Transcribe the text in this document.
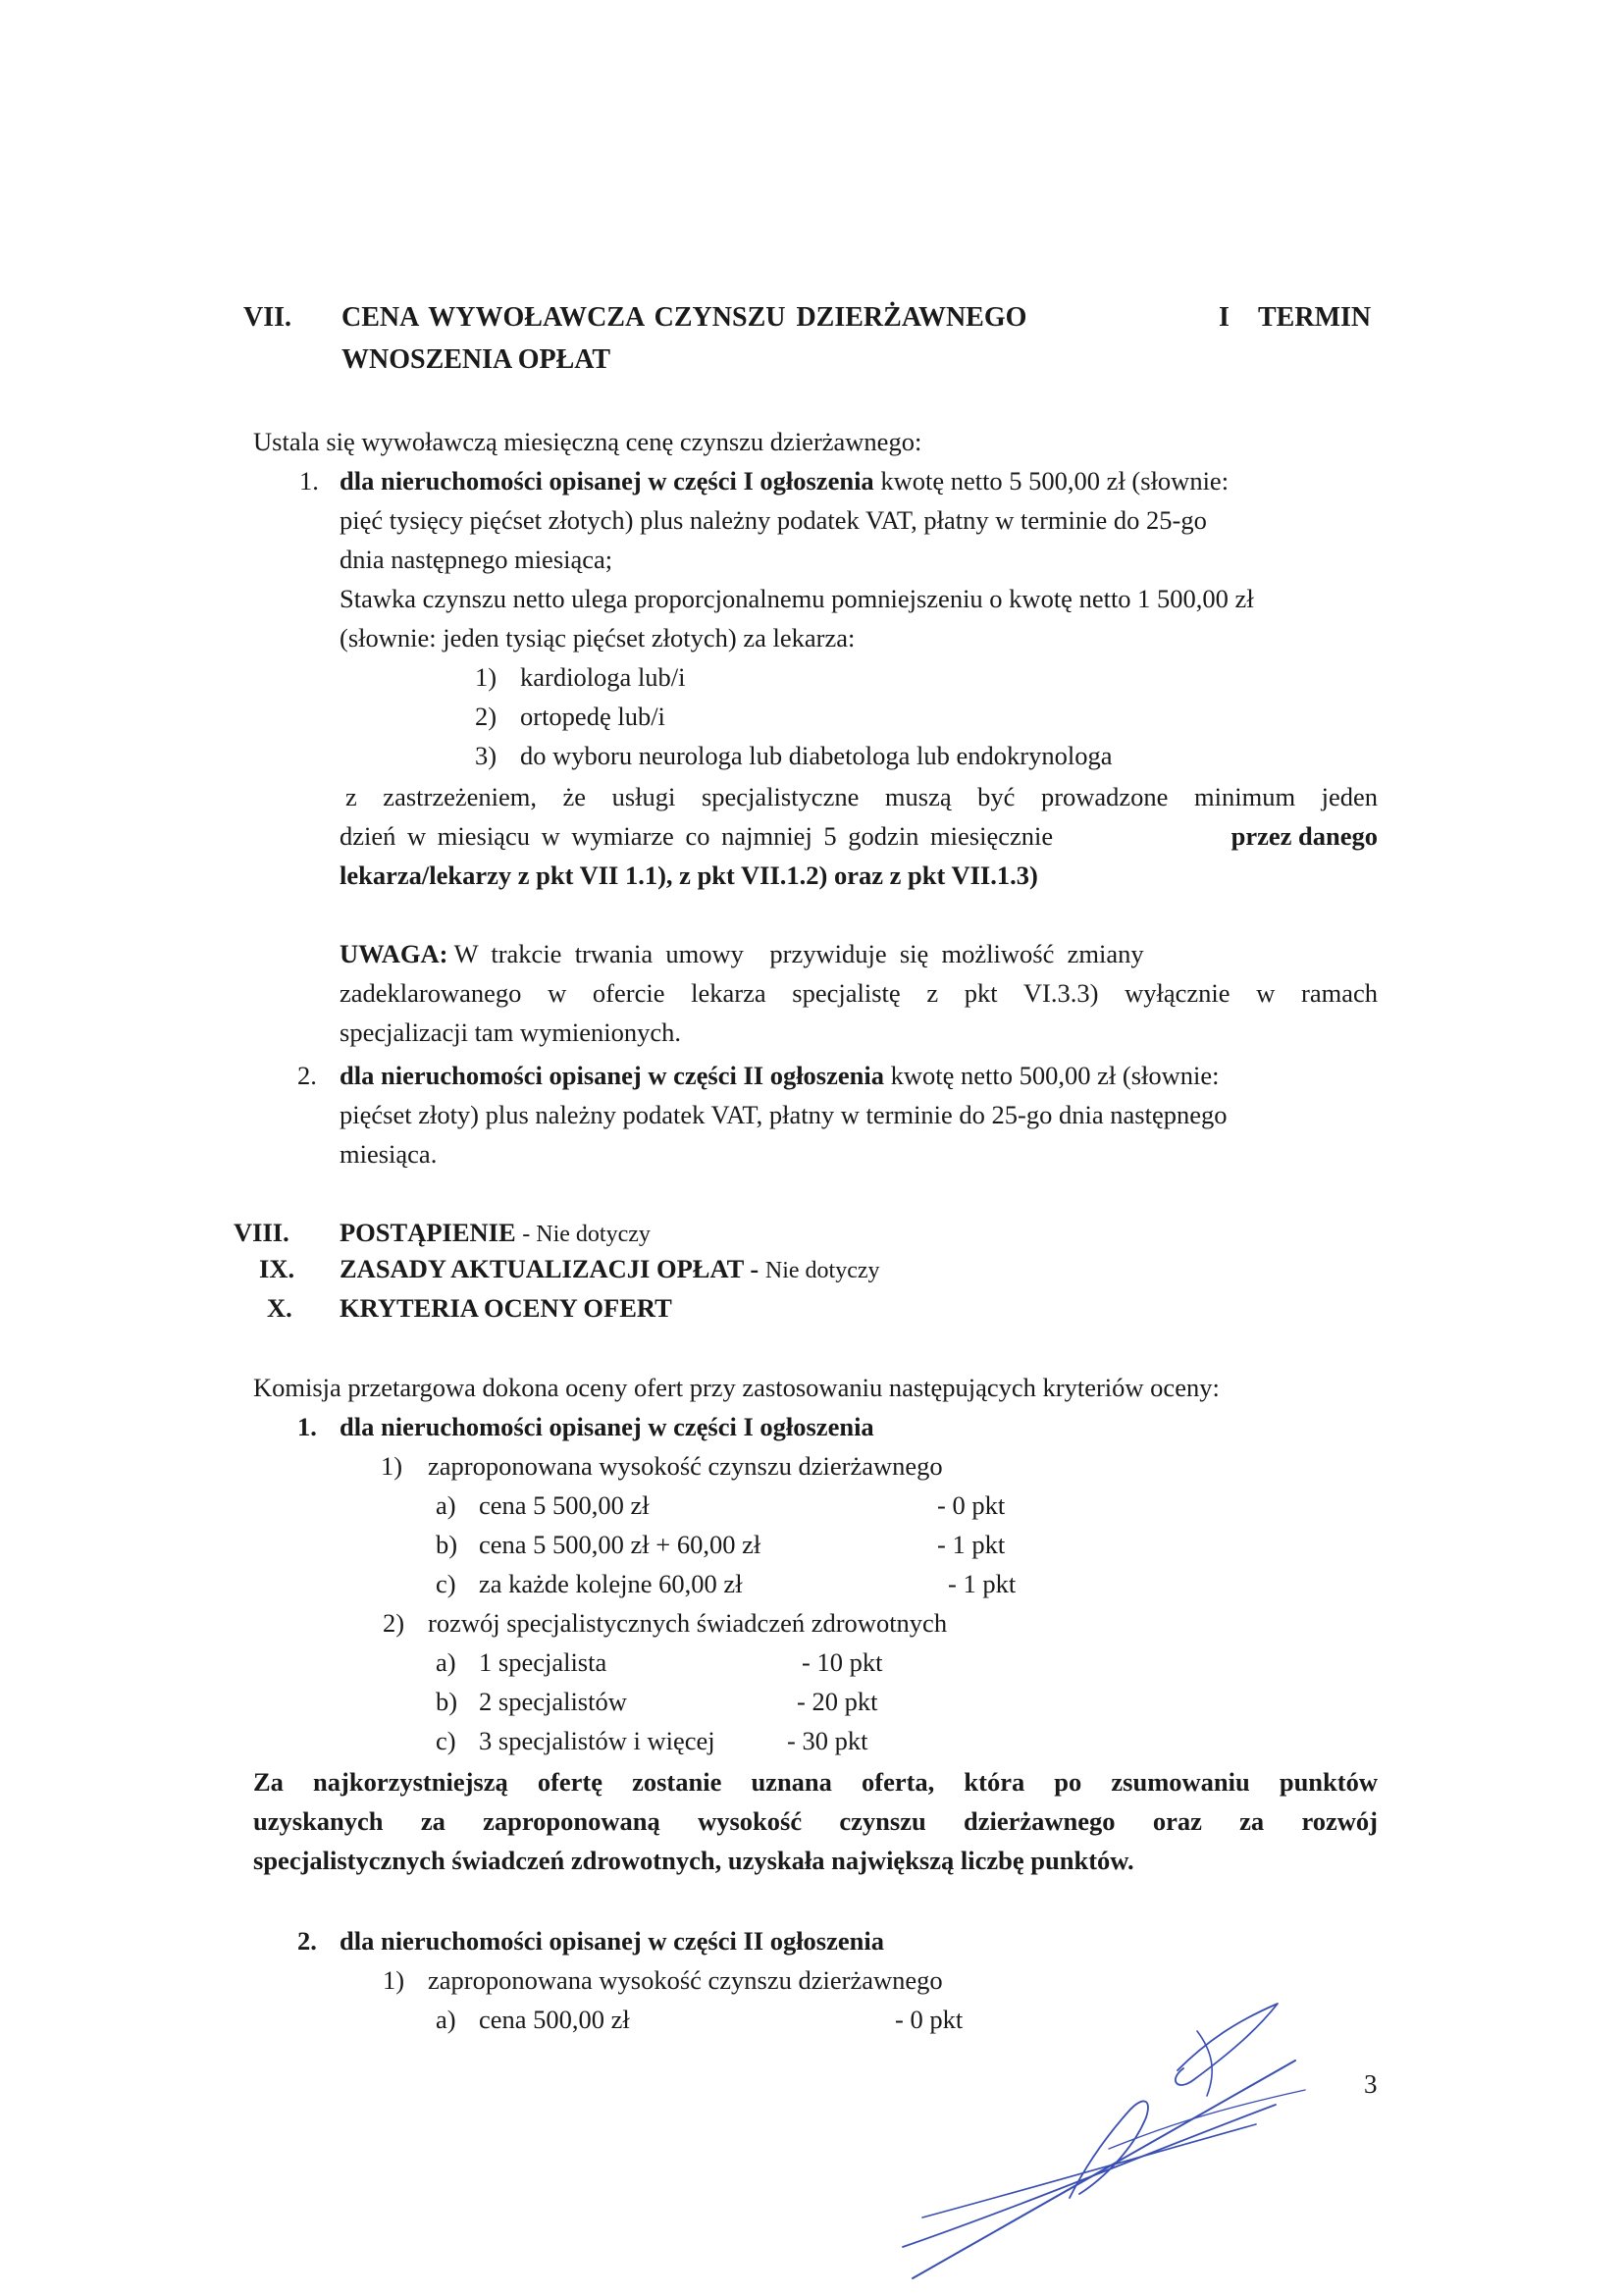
VII. CENA WYWOŁAWCZA CZYNSZU DZIERŻAWNEGO	I TERMIN
WNOSZENIA OPŁAT
Ustala się wywoławczą miesięczną cenę czynszu dzierżawnego:
1. dla nieruchomości opisanej w części I ogłoszenia kwotę netto 5 500,00 zł (słownie:
pięć tysięcy pięćset złotych) plus należny podatek VAT, płatny w terminie do 25-go
dnia następnego miesiąca;
Stawka czynszu netto ulega proporcjonalnemu pomniejszeniu o kwotę netto 1 500,00 zł
(słownie: jeden tysiąc pięćset złotych) za lekarza:
1) kardiologa lub/i
2) ortopedę lub/i
3) do wyboru neurologa lub diabetologa lub endokrynologa
z zastrzeżeniem, że usługi specjalistyczne muszą być prowadzone minimum jeden
dzień w miesiącu w wymiarze co najmniej 5 godzin miesięcznie	przez danego
lekarza/lekarzy z pkt VII 1.1), z pkt VII.1.2) oraz z pkt VII.1.3)
UWAGA: W  trakcie  trwania  umowy    przywiduje  się  możliwość  zmiany
zadeklarowanego w ofercie lekarza specjalistę z pkt VI.3.3) wyłącznie w ramach
specjalizacji tam wymienionych.
2. dla nieruchomości opisanej w części II ogłoszenia kwotę netto 500,00 zł (słownie:
pięćset złoty) plus należny podatek VAT, płatny w terminie do 25-go dnia następnego
miesiąca.
VIII. POSTĄPIENIE - Nie dotyczy
IX. ZASADY AKTUALIZACJI OPŁAT - Nie dotyczy
X. KRYTERIA OCENY OFERT
Komisja przetargowa dokona oceny ofert przy zastosowaniu następujących kryteriów oceny:
1. dla nieruchomości opisanej w części I ogłoszenia
1) zaproponowana wysokość czynszu dzierżawnego
a) cena 5 500,00 zł	- 0 pkt
b) cena 5 500,00 zł + 60,00 zł	- 1 pkt
c) za każde kolejne 60,00 zł	- 1 pkt
2) rozwój specjalistycznych świadczeń zdrowotnych
a) 1 specjalista	- 10 pkt
b) 2 specjalistów	- 20 pkt
c) 3 specjalistów i więcej	- 30 pkt
Za najkorzystniejszą ofertę zostanie uznana oferta, która po zsumowaniu punktów
uzyskanych za zaproponowaną wysokość czynszu dzierżawnego oraz za rozwój
specjalistycznych świadczeń zdrowotnych, uzyskała największą liczbę punktów.
2. dla nieruchomości opisanej w części II ogłoszenia
1) zaproponowana wysokość czynszu dzierżawnego
a) cena 500,00 zł	- 0 pkt
3
